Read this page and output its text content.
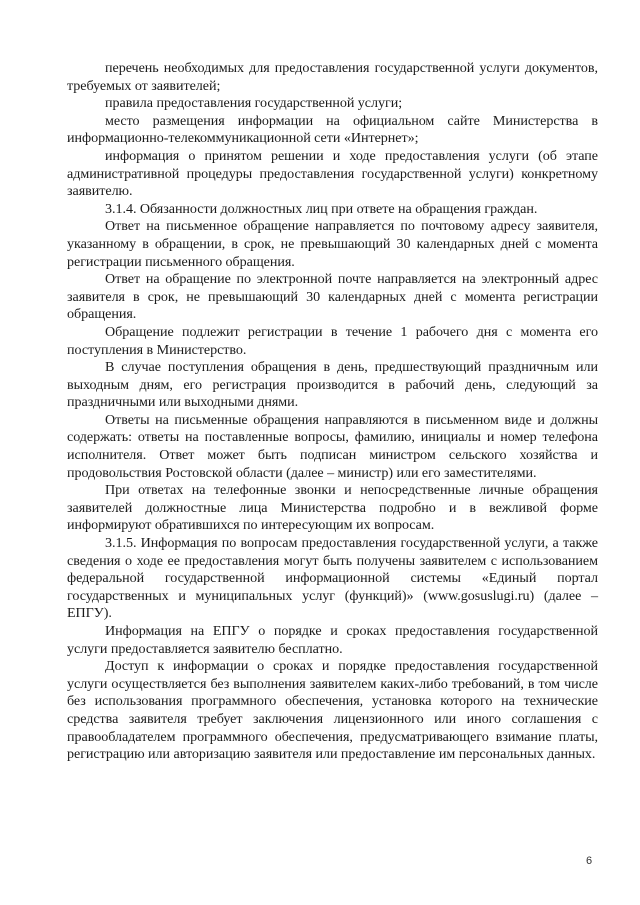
перечень необходимых для предоставления государственной услуги документов, требуемых от заявителей;

правила предоставления государственной услуги;

место размещения информации на официальном сайте Министерства в информационно-телекоммуникационной сети «Интернет»;

информация о принятом решении и ходе предоставления услуги (об этапе административной процедуры предоставления государственной услуги) конкретному заявителю.

3.1.4. Обязанности должностных лиц при ответе на обращения граждан.

Ответ на письменное обращение направляется по почтовому адресу заявителя, указанному в обращении, в срок, не превышающий 30 календарных дней с момента регистрации письменного обращения.

Ответ на обращение по электронной почте направляется на электронный адрес заявителя в срок, не превышающий 30 календарных дней с момента регистрации обращения.

Обращение подлежит регистрации в течение 1 рабочего дня с момента его поступления в Министерство.

В случае поступления обращения в день, предшествующий праздничным или выходным дням, его регистрация производится в рабочий день, следующий за праздничными или выходными днями.

Ответы на письменные обращения направляются в письменном виде и должны содержать: ответы на поставленные вопросы, фамилию, инициалы и номер телефона исполнителя. Ответ может быть подписан министром сельского хозяйства и продовольствия Ростовской области (далее – министр) или его заместителями.

При ответах на телефонные звонки и непосредственные личные обращения заявителей должностные лица Министерства подробно и в вежливой форме информируют обратившихся по интересующим их вопросам.

3.1.5. Информация по вопросам предоставления государственной услуги, а также сведения о ходе ее предоставления могут быть получены заявителем с использованием федеральной государственной информационной системы «Единый портал государственных и муниципальных услуг (функций)» (www.gosuslugi.ru) (далее – ЕПГУ).

Информация на ЕПГУ о порядке и сроках предоставления государственной услуги предоставляется заявителю бесплатно.

Доступ к информации о сроках и порядке предоставления государственной услуги осуществляется без выполнения заявителем каких-либо требований, в том числе без использования программного обеспечения, установка которого на технические средства заявителя требует заключения лицензионного или иного соглашения с правообладателем программного обеспечения, предусматривающего взимание платы, регистрацию или авторизацию заявителя или предоставление им персональных данных.

6
